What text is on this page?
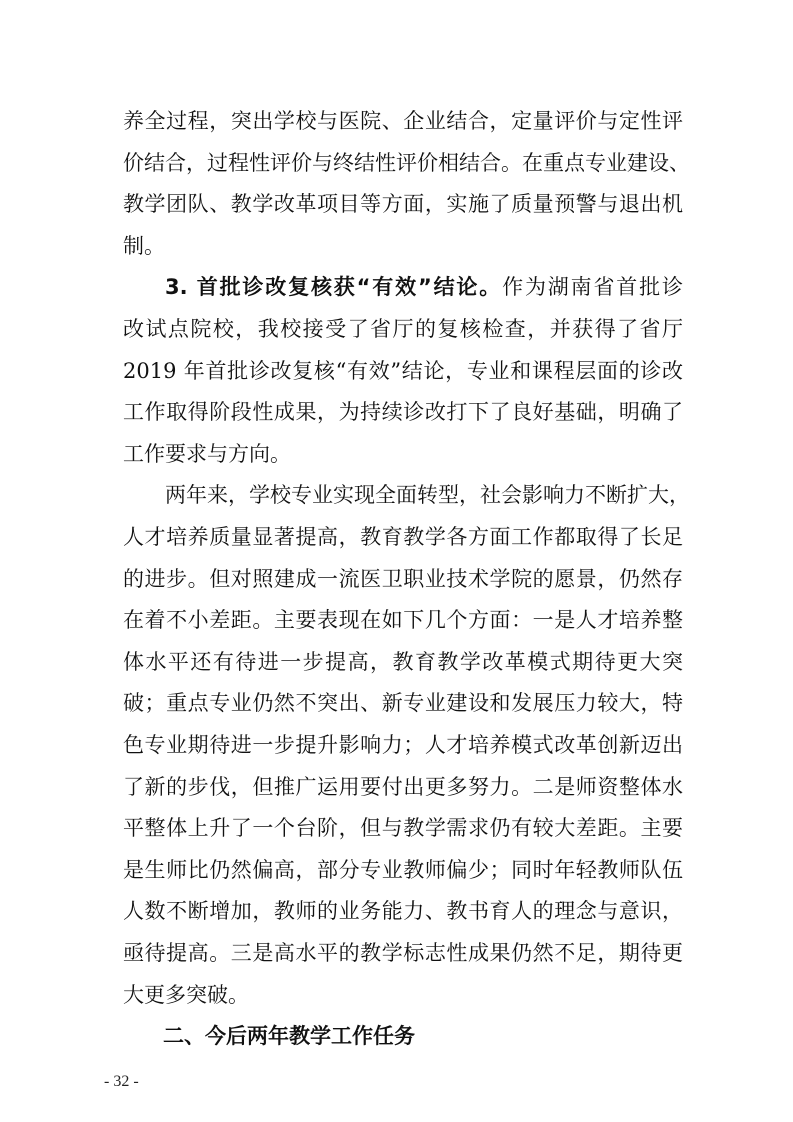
养全过程，突出学校与医院、企业结合，定量评价与定性评
价结合，过程性评价与终结性评价相结合。在重点专业建设、
教学团队、教学改革项目等方面，实施了质量预警与退出机
制。
3. 首批诊改复核获“有效”结论。作为湖南省首批诊
改试点院校，我校接受了省厅的复核检查，并获得了省厅
2019 年首批诊改复核“有效”结论，专业和课程层面的诊改
工作取得阶段性成果，为持续诊改打下了良好基础，明确了
工作要求与方向。
两年来，学校专业实现全面转型，社会影响力不断扩大，
人才培养质量显著提高，教育教学各方面工作都取得了长足
的进步。但对照建成一流医卫职业技术学院的愿景，仍然存
在着不小差距。主要表现在如下几个方面：一是人才培养整
体水平还有待进一步提高，教育教学改革模式期待更大突
破；重点专业仍然不突出、新专业建设和发展压力较大，特
色专业期待进一步提升影响力；人才培养模式改革创新迈出
了新的步伐，但推广运用要付出更多努力。二是师资整体水
平整体上升了一个台阶，但与教学需求仍有较大差距。主要
是生师比仍然偏高，部分专业教师偏少；同时年轻教师队伍
人数不断增加，教师的业务能力、教书育人的理念与意识，
亟待提高。三是高水平的教学标志性成果仍然不足，期待更
大更多突破。
二、今后两年教学工作任务
- 32 -
